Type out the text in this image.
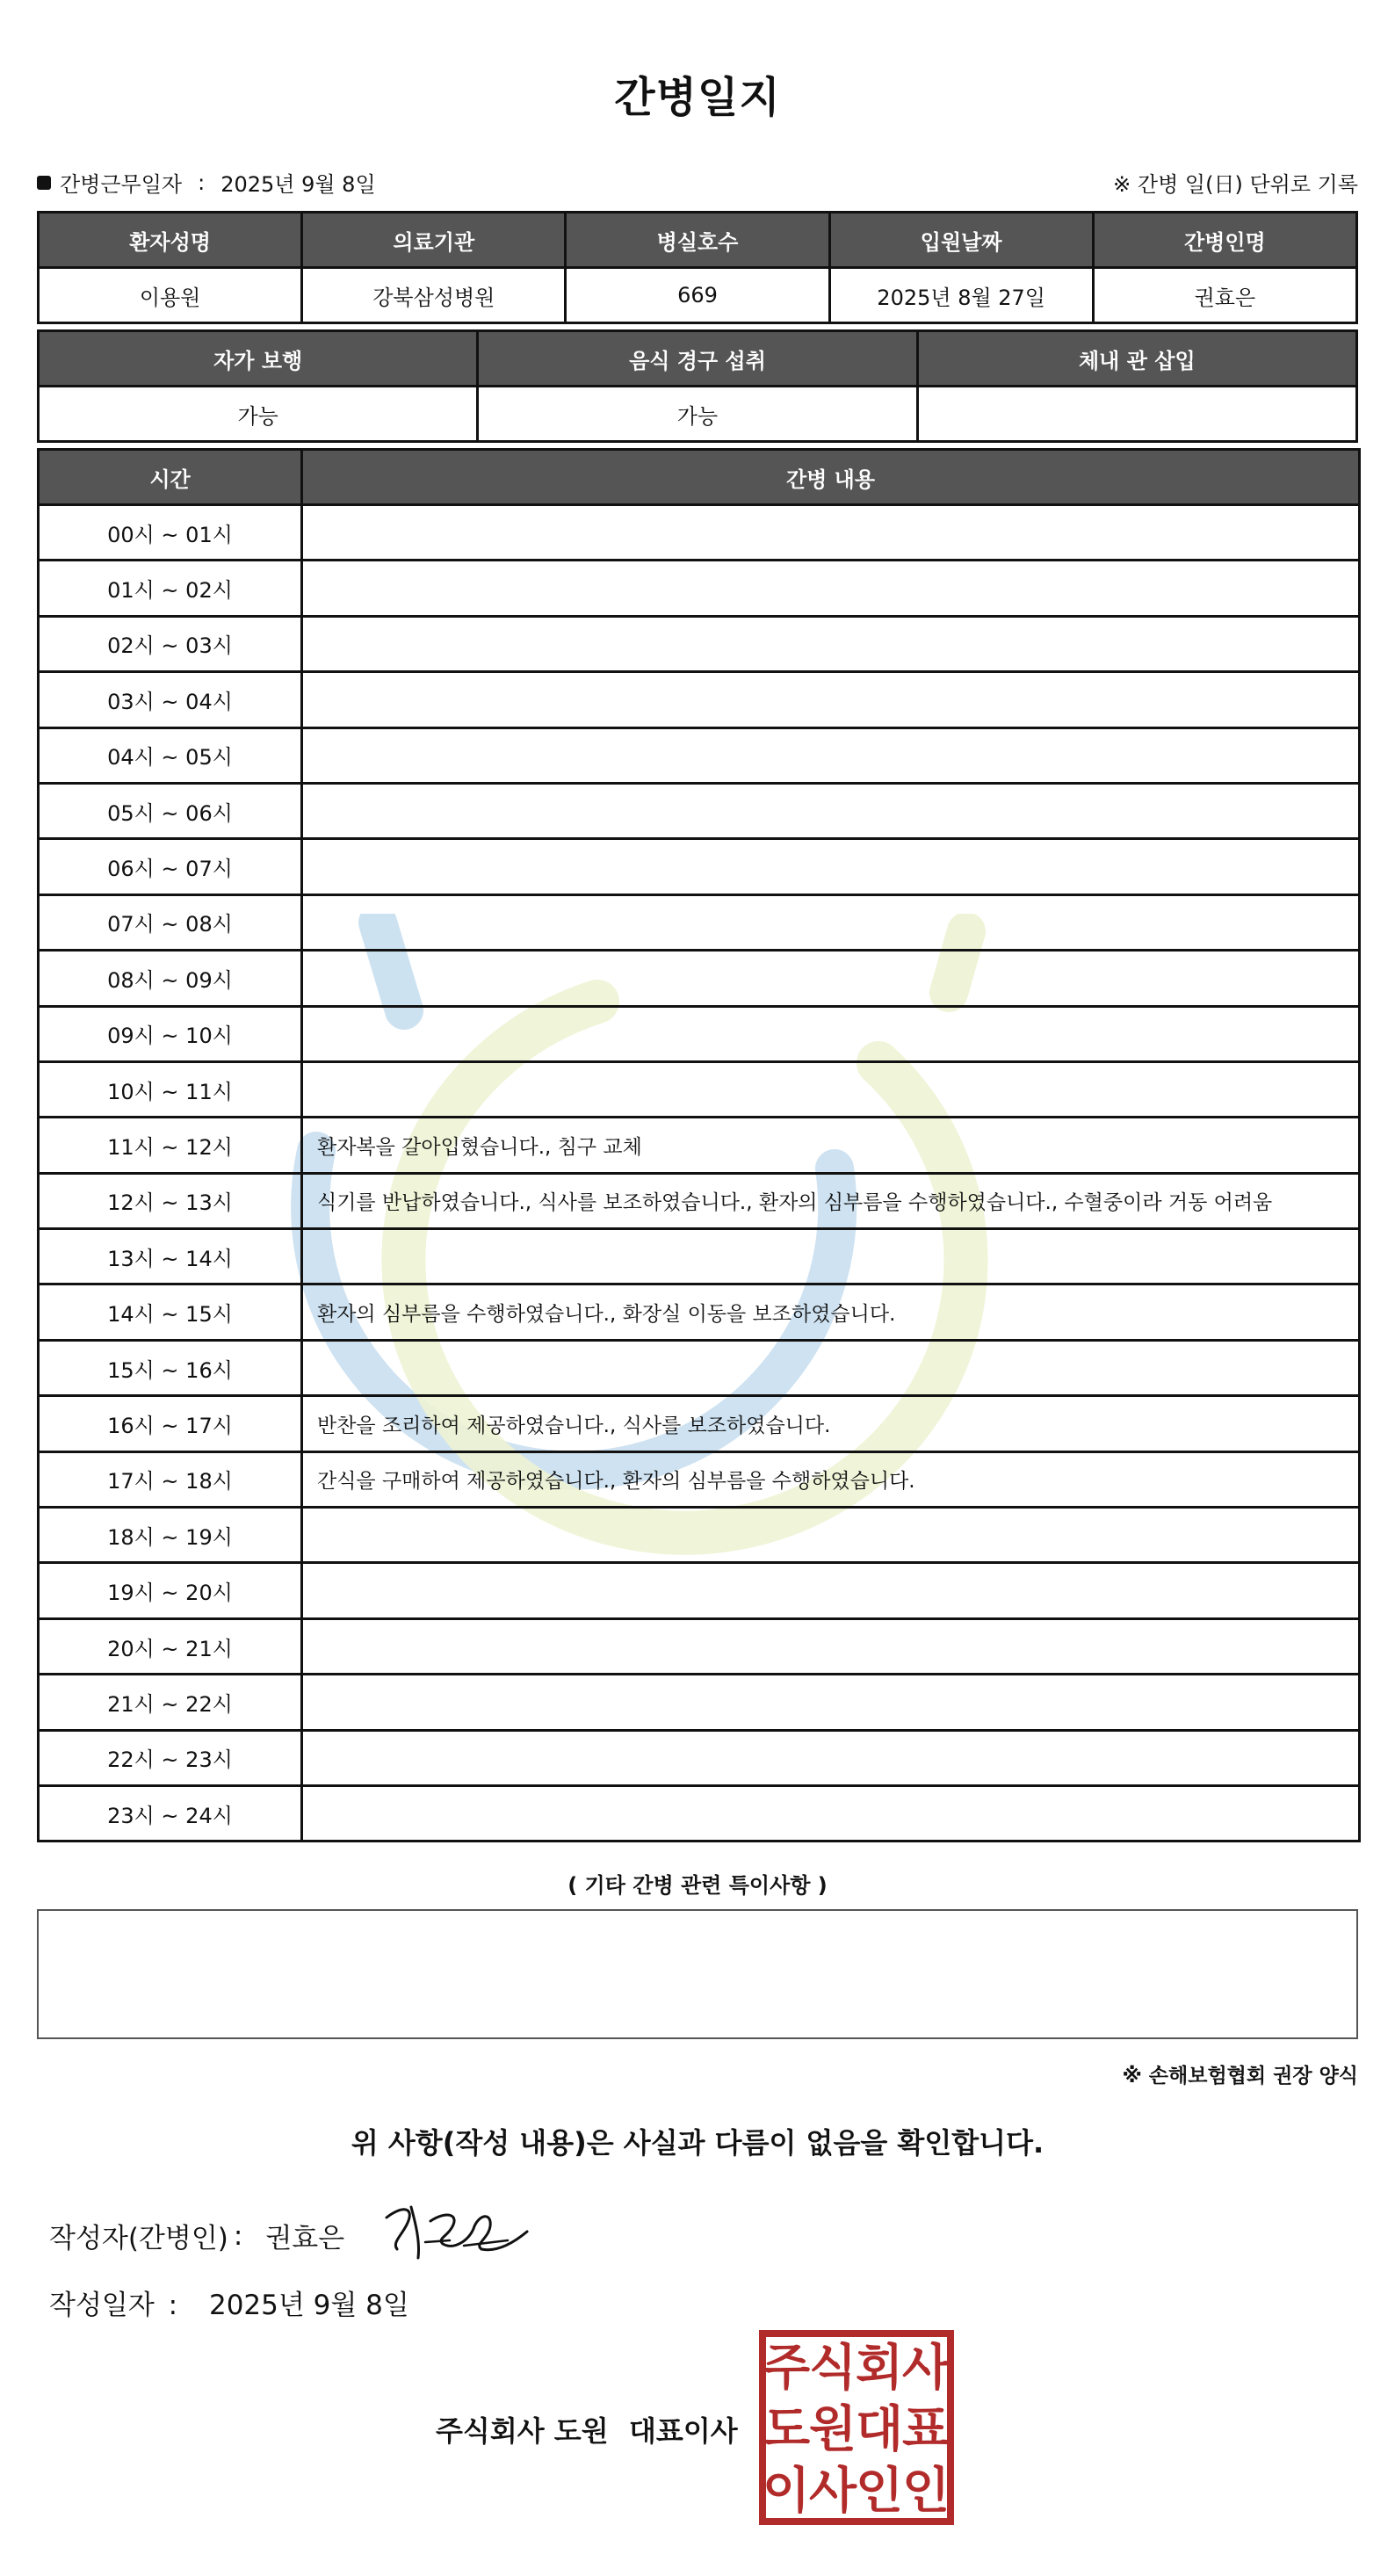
간병일지
간병근무일자 : 2025년 9월 8일	※ 간병 일(日) 단위로 기록
환자성명	의료기관	병실호수	입원날짜	간병인명
이용원	강북삼성병원	669	2025년 8월 27일	권효은
자가 보행	음식 경구 섭취	체내 관 삽입
가능	가능	
시간	간병 내용
00시 ~ 01시	
01시 ~ 02시	
02시 ~ 03시	
03시 ~ 04시	
04시 ~ 05시	
05시 ~ 06시	
06시 ~ 07시	
07시 ~ 08시	
08시 ~ 09시	
09시 ~ 10시	
10시 ~ 11시	
11시 ~ 12시	환자복을 갈아입혔습니다., 침구 교체
12시 ~ 13시	식기를 반납하였습니다., 식사를 보조하였습니다., 환자의 심부름을 수행하였습니다., 수혈중이라 거동 어려움
13시 ~ 14시	
14시 ~ 15시	환자의 심부름을 수행하였습니다., 화장실 이동을 보조하였습니다.
15시 ~ 16시	
16시 ~ 17시	반찬을 조리하여 제공하였습니다., 식사를 보조하였습니다.
17시 ~ 18시	간식을 구매하여 제공하였습니다., 환자의 심부름을 수행하였습니다.
18시 ~ 19시	
19시 ~ 20시	
20시 ~ 21시	
21시 ~ 22시	
22시 ~ 23시	
23시 ~ 24시	
( 기타 간병 관련 특이사항 )
※ 손해보험협회 권장 양식
위 사항(작성 내용)은 사실과 다름이 없음을 확인합니다.
작성자(간병인) : 권효은
작성일자 : 2025년 9월 8일
주식회사 도원 대표이사
주
식
회
사
도
원
대
표
이
사
인
인
